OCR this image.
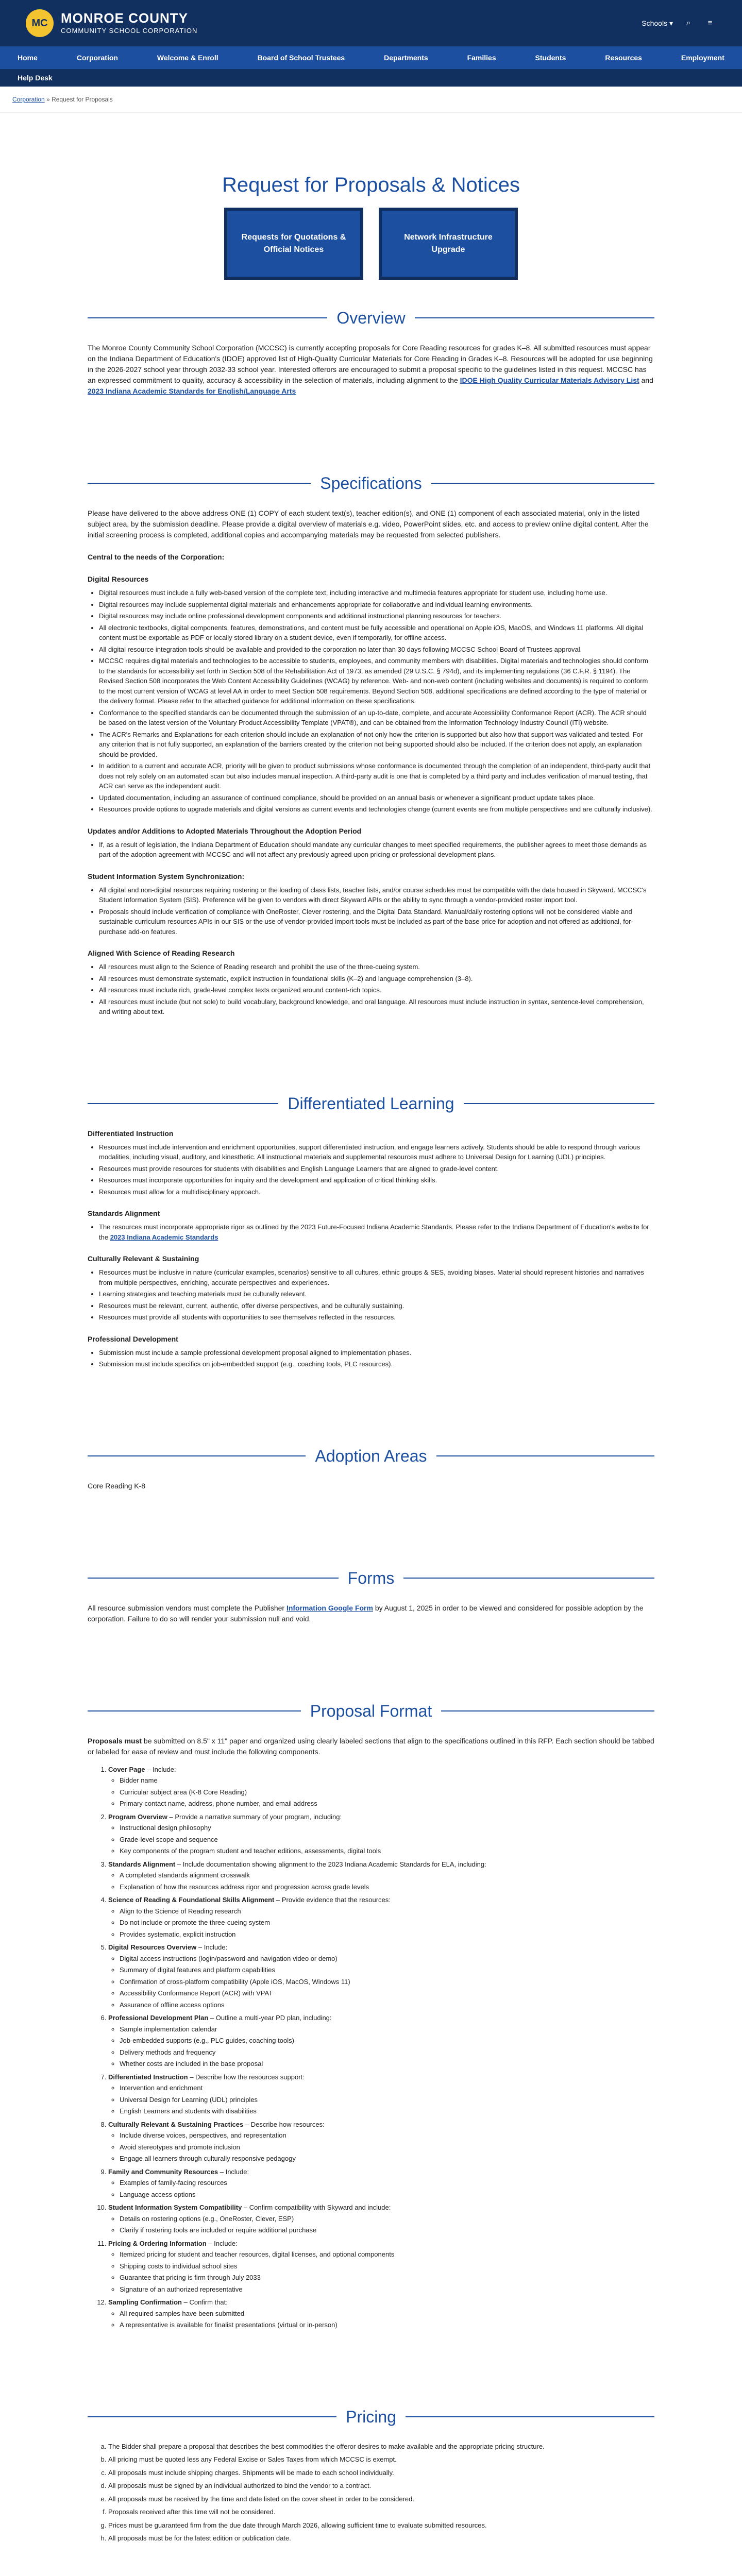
MC MONROE COUNTY
COMMUNITY SCHOOL CORPORATION
Schools ▾	⌕	≡
Home	Corporation	Welcome & Enroll	Board of School Trustees	Departments	Families	Students	Resources	Employment
Help Desk
Corporation » Request for Proposals
Request for Proposals & Notices
Requests for Quotations & Official Notices
Network Infrastructure Upgrade
Overview

The Monroe County Community School Corporation (MCCSC) is currently accepting proposals for Core Reading resources for grades K–8. All submitted resources must appear on the Indiana Department of Education's (IDOE) approved list of High-Quality Curricular Materials for Core Reading in Grades K–8. Resources will be adopted for use beginning in the 2026-2027 school year through 2032-33 school year. Interested offerors are encouraged to submit a proposal specific to the guidelines listed in this request. MCCSC has an expressed commitment to quality, accuracy & accessibility in the selection of materials, including alignment to the IDOE High Quality Curricular Materials Advisory List and 2023 Indiana Academic Standards for English/Language Arts

Specifications

Please have delivered to the above address ONE (1) COPY of each student text(s), teacher edition(s), and ONE (1) component of each associated material, only in the listed subject area, by the submission deadline. Please provide a digital overview of materials e.g. video, PowerPoint slides, etc. and access to preview online digital content. After the initial screening process is completed, additional copies and accompanying materials may be requested from selected publishers.

Central to the needs of the Corporation:
Digital Resources
• Digital resources must include a fully web-based version of the complete text, including interactive and multimedia features appropriate for student use, including home use.
• Digital resources may include supplemental digital materials and enhancements appropriate for collaborative and individual learning environments.
• Digital resources may include online professional development components and additional instructional planning resources for teachers.
• All electronic textbooks, digital components, features, demonstrations, and content must be fully accessible and operational on Apple iOS, MacOS, and Windows 11 platforms. All digital content must be exportable as PDF or locally stored library on a student device, even if temporarily, for offline access.
• All digital resource integration tools should be available and provided to the corporation no later than 30 days following MCCSC School Board of Trustees approval.
• MCCSC requires digital materials and technologies to be accessible to students, employees, and community members with disabilities. Digital materials and technologies should conform to the standards for accessibility set forth in Section 508 of the Rehabilitation Act of 1973, as amended (29 U.S.C. § 794d), and its implementing regulations (36 C.F.R. § 1194). The Revised Section 508 incorporates the Web Content Accessibility Guidelines (WCAG) by reference. Web- and non-web content (including websites and documents) is required to conform to the most current version of WCAG at level AA in order to meet Section 508 requirements. Beyond Section 508, additional specifications are defined according to the type of material or the delivery format. Please refer to the attached guidance for additional information on these specifications.
• Conformance to the specified standards can be documented through the submission of an up-to-date, complete, and accurate Accessibility Conformance Report (ACR). The ACR should be based on the latest version of the Voluntary Product Accessibility Template (VPAT®), and can be obtained from the Information Technology Industry Council (ITI) website.
• The ACR's Remarks and Explanations for each criterion should include an explanation of not only how the criterion is supported but also how that support was validated and tested. For any criterion that is not fully supported, an explanation of the barriers created by the criterion not being supported should also be included. If the criterion does not apply, an explanation should be provided.
• In addition to a current and accurate ACR, priority will be given to product submissions whose conformance is documented through the completion of an independent, third-party audit that does not rely solely on an automated scan but also includes manual inspection. A third-party audit is one that is completed by a third party and includes verification of manual testing, that ACR can serve as the independent audit.
• Updated documentation, including an assurance of continued compliance, should be provided on an annual basis or whenever a significant product update takes place.
• Resources provide options to upgrade materials and digital versions as current events and technologies change (current events are from multiple perspectives and are culturally inclusive).
Updates and/or Additions to Adopted Materials Throughout the Adoption Period
• If, as a result of legislation, the Indiana Department of Education should mandate any curricular changes to meet specified requirements, the publisher agrees to meet those demands as part of the adoption agreement with MCCSC and will not affect any previously agreed upon pricing or professional development plans.
Student Information System Synchronization:
• All digital and non-digital resources requiring rostering or the loading of class lists, teacher lists, and/or course schedules must be compatible with the data housed in Skyward. MCCSC's Student Information System (SIS). Preference will be given to vendors with direct Skyward APIs or the ability to sync through a vendor-provided roster import tool.
• Proposals should include verification of compliance with OneRoster, Clever rostering, and the Digital Data Standard. Manual/daily rostering options will not be considered viable and sustainable curriculum resources APIs in our SIS or the use of vendor-provided import tools must be included as part of the base price for adoption and not offered as additional, for-purchase add-on features.
Aligned With Science of Reading Research
• All resources must align to the Science of Reading research and prohibit the use of the three-cueing system.
• All resources must demonstrate systematic, explicit instruction in foundational skills (K–2) and language comprehension (3–8).
• All resources must include rich, grade-level complex texts organized around content-rich topics.
• All resources must include (but not sole) to build vocabulary, background knowledge, and oral language. All resources must include instruction in syntax, sentence-level comprehension, and writing about text.
Differentiated Learning
Differentiated Instruction
• Resources must include intervention and enrichment opportunities, support differentiated instruction, and engage learners actively. Students should be able to respond through various modalities, including visual, auditory, and kinesthetic. All instructional materials and supplemental resources must adhere to Universal Design for Learning (UDL) principles.
• Resources must provide resources for students with disabilities and English Language Learners that are aligned to grade-level content.
• Resources must incorporate opportunities for inquiry and the development and application of critical thinking skills.
• Resources must allow for a multidisciplinary approach.
Standards Alignment
• The resources must incorporate appropriate rigor as outlined by the 2023 Future-Focused Indiana Academic Standards. Please refer to the Indiana Department of Education's website for the 2023 Indiana Academic Standards
Culturally Relevant & Sustaining
• Resources must be inclusive in nature (curricular examples, scenarios) sensitive to all cultures, ethnic groups & SES, avoiding biases. Material should represent histories and narratives from multiple perspectives, enriching, accurate perspectives and experiences.
• Learning strategies and teaching materials must be culturally relevant.
• Resources must be relevant, current, authentic, offer diverse perspectives, and be culturally sustaining.
• Resources must provide all students with opportunities to see themselves reflected in the resources.
Professional Development
• Submission must include a sample professional development proposal aligned to implementation phases.
• Submission must include specifics on job-embedded support (e.g., coaching tools, PLC resources).
Adoption Areas

Core Reading K-8

Forms

All resource submission vendors must complete the Publisher Information Google Form by August 1, 2025 in order to be viewed and considered for possible adoption by the corporation. Failure to do so will render your submission null and void.

Proposal Format

Proposals must be submitted on 8.5" x 11" paper and organized using clearly labeled sections that align to the specifications outlined in this RFP. Each section should be tabbed or labeled for ease of review and must include the following components.

1. Cover Page – Include:
◦ Bidder name
◦ Curricular subject area (K-8 Core Reading)
◦ Primary contact name, address, phone number, and email address
2. Program Overview – Provide a narrative summary of your program, including:
◦ Instructional design philosophy
◦ Grade-level scope and sequence
◦ Key components of the program student and teacher editions, assessments, digital tools
3. Standards Alignment – Include documentation showing alignment to the 2023 Indiana Academic Standards for ELA, including:
◦ A completed standards alignment crosswalk
◦ Explanation of how the resources address rigor and progression across grade levels
4. Science of Reading & Foundational Skills Alignment – Provide evidence that the resources:
◦ Align to the Science of Reading research
◦ Do not include or promote the three-cueing system
◦ Provides systematic, explicit instruction
5. Digital Resources Overview – Include:
◦ Digital access instructions (login/password and navigation video or demo)
◦ Summary of digital features and platform capabilities
◦ Confirmation of cross-platform compatibility (Apple iOS, MacOS, Windows 11)
◦ Accessibility Conformance Report (ACR) with VPAT
◦ Assurance of offline access options
6. Professional Development Plan – Outline a multi-year PD plan, including:
◦ Sample implementation calendar
◦ Job-embedded supports (e.g., PLC guides, coaching tools)
◦ Delivery methods and frequency
◦ Whether costs are included in the base proposal
7. Differentiated Instruction – Describe how the resources support:
◦ Intervention and enrichment
◦ Universal Design for Learning (UDL) principles
◦ English Learners and students with disabilities
8. Culturally Relevant & Sustaining Practices – Describe how resources:
◦ Include diverse voices, perspectives, and representation
◦ Avoid stereotypes and promote inclusion
◦ Engage all learners through culturally responsive pedagogy
9. Family and Community Resources – Include:
◦ Examples of family-facing resources
◦ Language access options
10. Student Information System Compatibility – Confirm compatibility with Skyward and include:
◦ Details on rostering options (e.g., OneRoster, Clever, ESP)
◦ Clarify if rostering tools are included or require additional purchase
11. Pricing & Ordering Information – Include:
◦ Itemized pricing for student and teacher resources, digital licenses, and optional components
◦ Shipping costs to individual school sites
◦ Guarantee that pricing is firm through July 2033
◦ Signature of an authorized representative
12. Sampling Confirmation – Confirm that:
◦ All required samples have been submitted
◦ A representative is available for finalist presentations (virtual or in-person)
Pricing
a. The Bidder shall prepare a proposal that describes the best commodities the offeror desires to make available and the appropriate pricing structure.
b. All pricing must be quoted less any Federal Excise or Sales Taxes from which MCCSC is exempt.
c. All proposals must include shipping charges. Shipments will be made to each school individually.
d. All proposals must be signed by an individual authorized to bind the vendor to a contract.
e. All proposals must be received by the time and date listed on the cover sheet in order to be considered.
f. Proposals received after this time will not be considered.
g. Prices must be guaranteed firm from the due date through March 2026, allowing sufficient time to evaluate submitted resources.
h. All proposals must be for the latest edition or publication date.
